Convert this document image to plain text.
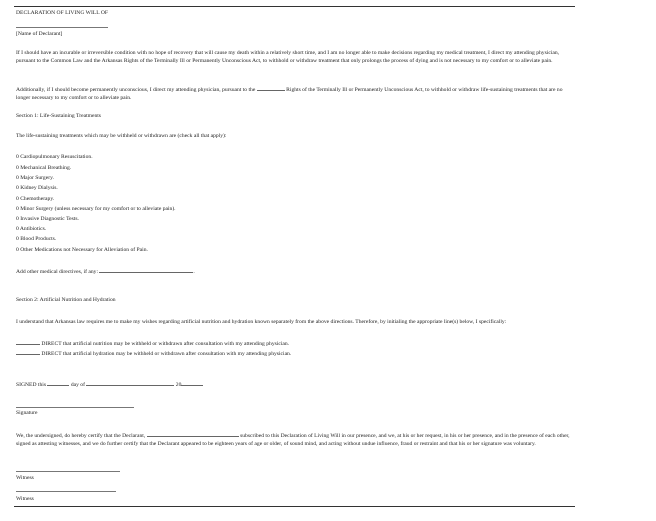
DECLARATION OF LIVING WILL OF
[Name of Declarant]
If I should have an incurable or irreversible condition with no hope of recovery that will cause my death within a relatively short time, and I am no longer able to make decisions regarding my medical treatment, I direct my attending physician, pursuant to the Common Law and the Arkansas Rights of the Terminally Ill or Permanently Unconscious Act, to withhold or withdraw treatment that only prolongs the process of dying and is not necessary to my comfort or to alleviate pain.
Additionally, if I should become permanently unconscious, I direct my attending physician, pursuant to the	Rights of the Terminally Ill or Permanently Unconscious Act, to withhold or withdraw life-sustaining treatments that are no longer necessary to my comfort or to alleviate pain.
Section 1: Life-Sustaining Treatments
The life-sustaining treatments which may be withheld or withdrawn are (check all that apply):
0 Cardiopulmonary Resuscitation.
0 Mechanical Breathing.
0 Major Surgery.
0 Kidney Dialysis.
0 Chemotherapy.
0 Minor Surgery (unless necessary for my comfort or to alleviate pain).
0 Invasive Diagnostic Tests.
0 Antibiotics.
0 Blood Products.
0 Other Medications not Necessary for Alleviation of Pain.
Add other medical directives, if any:	.
Section 2: Artificial Nutrition and Hydration
I understand that Arkansas law requires me to make my wishes regarding artificial nutrition and hydration known separately from the above directions. Therefore, by initialing the appropriate line(s) below, I specifically:
DIRECT that artificial nutrition may be withheld or withdrawn after consultation with my attending physician.
DIRECT that artificial hydration may be withheld or withdrawn after consultation with my attending physician.
SIGNED this	day of	20
Signature
We, the undersigned, do hereby certify that the Declarant,	subscribed to this Declaration of Living Will in our presence, and we, at his or her request, in his or her presence, and in the presence of each other, signed as attesting witnesses, and we do further certify that the Declarant appeared to be eighteen years of age or older, of sound mind, and acting without undue influence, fraud or restraint and that his or her signature was voluntary.
Witness
Witness
